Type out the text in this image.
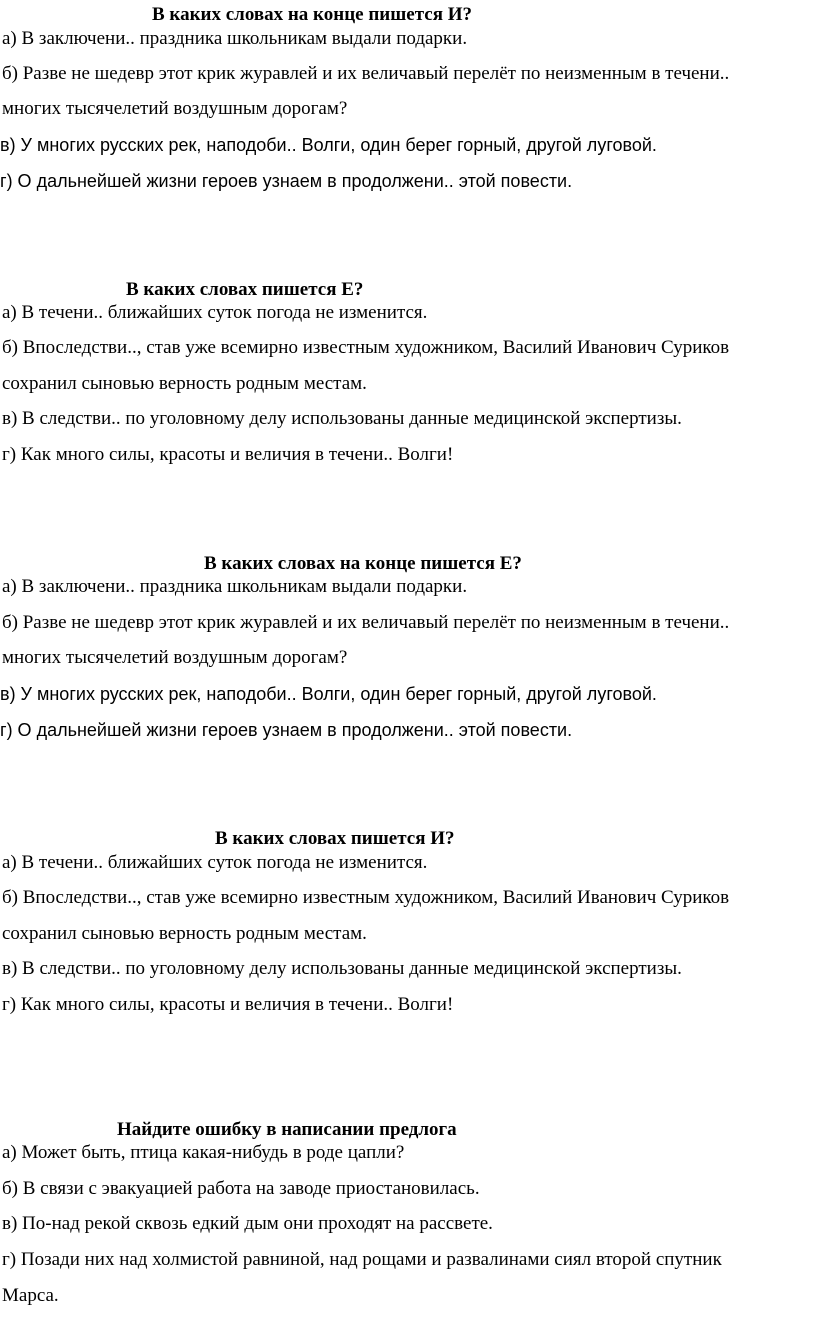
В каких словах на конце пишется И?

а) В заключени.. праздника школьникам выдали подарки.

б) Разве не шедевр этот крик журавлей и их величавый перелёт по неизменным в течени..

многих тысячелетий воздушным дорогам?

в) У многих русских рек, наподоби.. Волги, один берег горный, другой луговой.

г) О дальнейшей жизни героев узнаем в продолжени.. этой повести.

В каких словах пишется Е?

а) В течени.. ближайших суток погода не изменится.

б) Впоследстви.., став уже всемирно известным художником, Василий Иванович Суриков

сохранил сыновью верность родным местам.

в) В следстви.. по уголовному делу использованы данные медицинской экспертизы.

г) Как много силы, красоты и величия в течени.. Волги!

В каких словах на конце пишется Е?

а) В заключени.. праздника школьникам выдали подарки.

б) Разве не шедевр этот крик журавлей и их величавый перелёт по неизменным в течени..

многих тысячелетий воздушным дорогам?

в) У многих русских рек, наподоби.. Волги, один берег горный, другой луговой.

г) О дальнейшей жизни героев узнаем в продолжени.. этой повести.

В каких словах пишется И?

а) В течени.. ближайших суток погода не изменится.

б) Впоследстви.., став уже всемирно известным художником, Василий Иванович Суриков

сохранил сыновью верность родным местам.

в) В следстви.. по уголовному делу использованы данные медицинской экспертизы.

г) Как много силы, красоты и величия в течени.. Волги!

Найдите ошибку в написании предлога

а) Может быть, птица какая-нибудь в роде цапли?

б) В связи с эвакуацией работа на заводе приостановилась.

в) По-над рекой сквозь едкий дым они проходят на рассвете.

г) Позади них над холмистой равниной, над рощами и развалинами сиял второй спутник

Марса.
